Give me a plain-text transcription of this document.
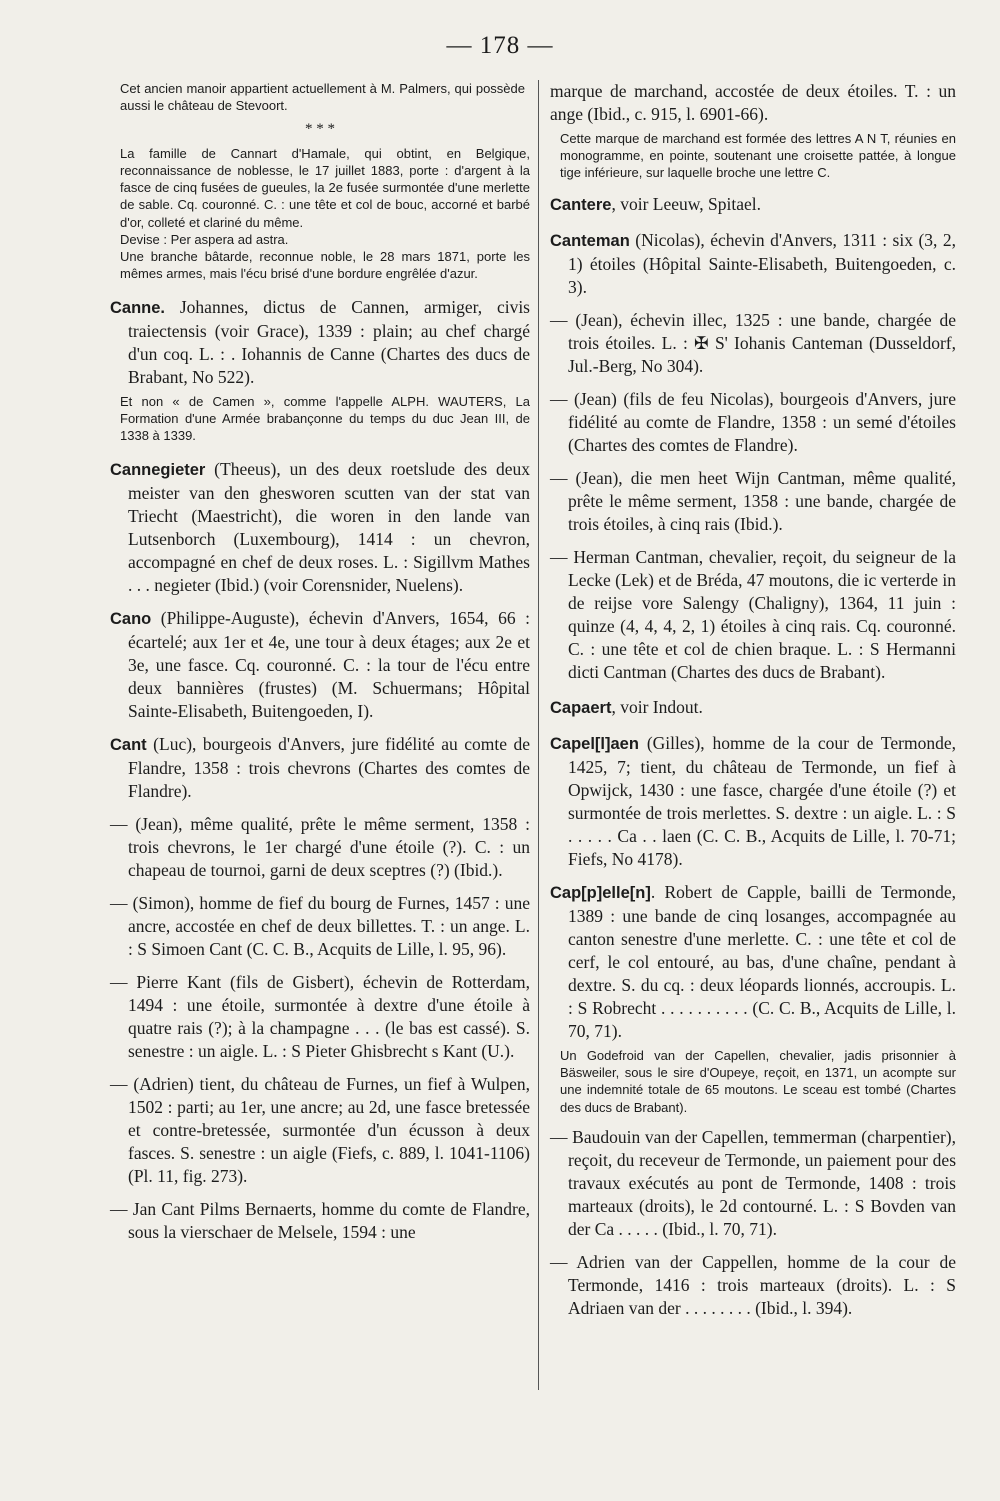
— 178 —

Cet ancien manoir appartient actuellement à M. Palmers, qui possède aussi le château de Stevoort.

* * *

La famille de Cannart d'Hamale, qui obtint, en Belgique, reconnaissance de noblesse, le 17 juillet 1883, porte : d'argent à la fasce de cinq fusées de gueules, la 2e fusée surmontée d'une merlette de sable. Cq. couronné. C. : une tête et col de bouc, accorné et barbé d'or, colleté et clariné du même.

Devise : Per aspera ad astra.

Une branche bâtarde, reconnue noble, le 28 mars 1871, porte les mêmes armes, mais l'écu brisé d'une bordure engrêlée d'azur.

Canne. Johannes, dictus de Cannen, armiger, civis traiectensis (voir Grace), 1339 : plain; au chef chargé d'un coq. L. : . Iohannis de Canne (Chartes des ducs de Brabant, No 522).

Et non « de Camen », comme l'appelle ALPH. WAUTERS, La Formation d'une Armée brabançonne du temps du duc Jean III, de 1338 à 1339.

Cannegieter (Theeus), un des deux roetslude des deux meister van den ghesworen scutten van der stat van Triecht (Maestricht), die woren in den lande van Lutsenborch (Luxembourg), 1414 : un chevron, accompagné en chef de deux roses. L. : Sigillvm Mathes . . . negieter (Ibid.) (voir Corensnider, Nuelens).

Cano (Philippe-Auguste), échevin d'Anvers, 1654, 66 : écartelé; aux 1er et 4e, une tour à deux étages; aux 2e et 3e, une fasce. Cq. couronné. C. : la tour de l'écu entre deux bannières (frustes) (M. Schuermans; Hôpital Sainte-Elisabeth, Buitengoeden, I).

Cant (Luc), bourgeois d'Anvers, jure fidélité au comte de Flandre, 1358 : trois chevrons (Chartes des comtes de Flandre).

— (Jean), même qualité, prête le même serment, 1358 : trois chevrons, le 1er chargé d'une étoile (?). C. : un chapeau de tournoi, garni de deux sceptres (?) (Ibid.).

— (Simon), homme de fief du bourg de Furnes, 1457 : une ancre, accostée en chef de deux billettes. T. : un ange. L. : S Simoen Cant (C. C. B., Acquits de Lille, l. 95, 96).

— Pierre Kant (fils de Gisbert), échevin de Rotterdam, 1494 : une étoile, surmontée à dextre d'une étoile à quatre rais (?); à la champagne . . . (le bas est cassé). S. senestre : un aigle. L. : S Pieter Ghisbrecht s Kant (U.).

— (Adrien) tient, du château de Furnes, un fief à Wulpen, 1502 : parti; au 1er, une ancre; au 2d, une fasce bretessée et contre-bretessée, surmontée d'un écusson à deux fasces. S. senestre : un aigle (Fiefs, c. 889, l. 1041-1106) (Pl. 11, fig. 273).

— Jan Cant Pilms Bernaerts, homme du comte de Flandre, sous la vierschaer de Melsele, 1594 : une

marque de marchand, accostée de deux étoiles. T. : un ange (Ibid., c. 915, l. 6901-66).

Cette marque de marchand est formée des lettres A N T, réunies en monogramme, en pointe, soutenant une croisette pattée, à longue tige inférieure, sur laquelle broche une lettre C.

Cantere, voir Leeuw, Spitael.

Canteman (Nicolas), échevin d'Anvers, 1311 : six (3, 2, 1) étoiles (Hôpital Sainte-Elisabeth, Buitengoeden, c. 3).

— (Jean), échevin illec, 1325 : une bande, chargée de trois étoiles. L. : ✠ S' Iohanis Canteman (Dusseldorf, Jul.-Berg, No 304).

— (Jean) (fils de feu Nicolas), bourgeois d'Anvers, jure fidélité au comte de Flandre, 1358 : un semé d'étoiles (Chartes des comtes de Flandre).

— (Jean), die men heet Wijn Cantman, même qualité, prête le même serment, 1358 : une bande, chargée de trois étoiles, à cinq rais (Ibid.).

— Herman Cantman, chevalier, reçoit, du seigneur de la Lecke (Lek) et de Bréda, 47 moutons, die ic verterde in de reijse vore Salengy (Chaligny), 1364, 11 juin : quinze (4, 4, 4, 2, 1) étoiles à cinq rais. Cq. couronné. C. : une tête et col de chien braque. L. : S Hermanni dicti Cantman (Chartes des ducs de Brabant).

Capaert, voir Indout.

Capel[l]aen (Gilles), homme de la cour de Termonde, 1425, 7; tient, du château de Termonde, un fief à Opwijck, 1430 : une fasce, chargée d'une étoile (?) et surmontée de trois merlettes. S. dextre : un aigle. L. : S . . . . . Ca . . laen (C. C. B., Acquits de Lille, l. 70-71; Fiefs, No 4178).

Cap[p]elle[n]. Robert de Capple, bailli de Termonde, 1389 : une bande de cinq losanges, accompagnée au canton senestre d'une merlette. C. : une tête et col de cerf, le col entouré, au bas, d'une chaîne, pendant à dextre. S. du cq. : deux léopards lionnés, accroupis. L. : S Robrecht . . . . . . . . . . (C. C. B., Acquits de Lille, l. 70, 71).

Un Godefroid van der Capellen, chevalier, jadis prisonnier à Bäsweiler, sous le sire d'Oupeye, reçoit, en 1371, un acompte sur une indemnité totale de 65 moutons. Le sceau est tombé (Chartes des ducs de Brabant).

— Baudouin van der Capellen, temmerman (charpentier), reçoit, du receveur de Termonde, un paiement pour des travaux exécutés au pont de Termonde, 1408 : trois marteaux (droits), le 2d contourné. L. : S Bovden van der Ca . . . . . (Ibid., l. 70, 71).

— Adrien van der Cappellen, homme de la cour de Termonde, 1416 : trois marteaux (droits). L. : S Adriaen van der . . . . . . . . (Ibid., l. 394).
